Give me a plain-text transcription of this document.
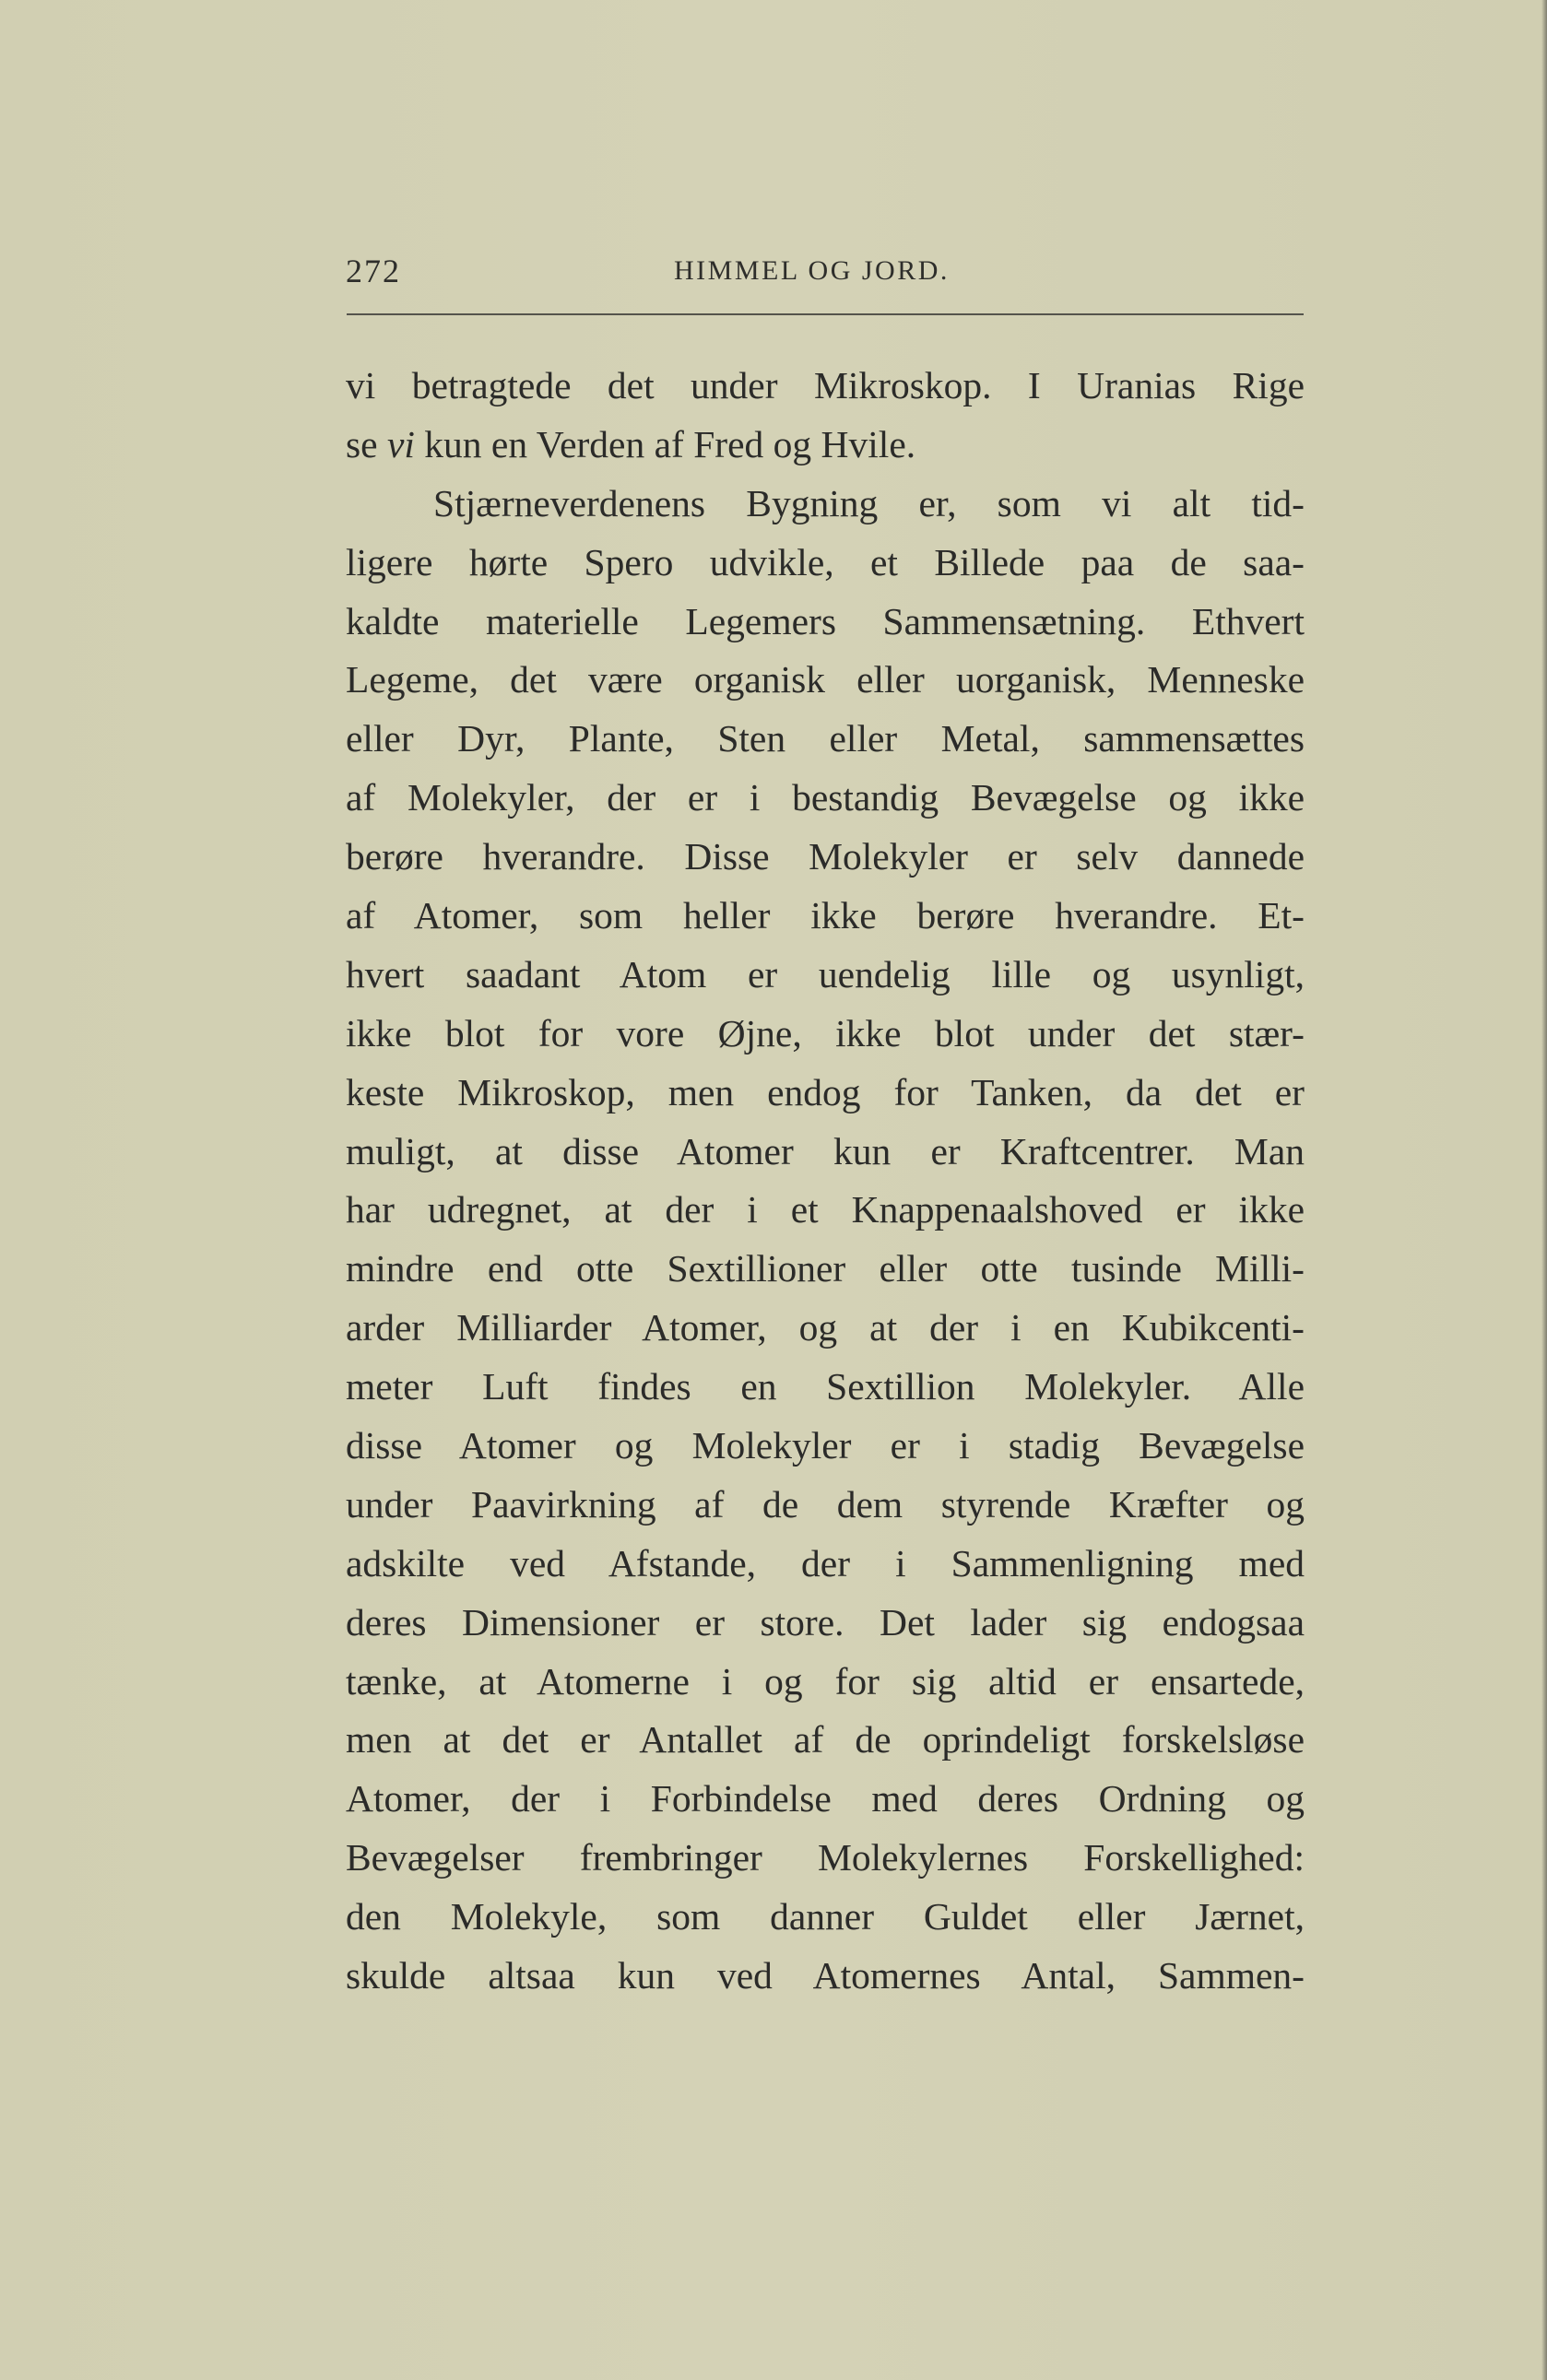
272	HIMMEL OG JORD.
vi betragtede det under Mikroskop. I Uranias Rige
se vi kun en Verden af Fred og Hvile.
Stjærneverdenens Bygning er, som vi alt tid-
ligere hørte Spero udvikle, et Billede paa de saa-
kaldte materielle Legemers Sammensætning. Ethvert
Legeme, det være organisk eller uorganisk, Menneske
eller Dyr, Plante, Sten eller Metal, sammensættes
af Molekyler, der er i bestandig Bevægelse og ikke
berøre hverandre. Disse Molekyler er selv dannede
af Atomer, som heller ikke berøre hverandre. Et-
hvert saadant Atom er uendelig lille og usynligt,
ikke blot for vore Øjne, ikke blot under det stær-
keste Mikroskop, men endog for Tanken, da det er
muligt, at disse Atomer kun er Kraftcentrer. Man
har udregnet, at der i et Knappenaalshoved er ikke
mindre end otte Sextillioner eller otte tusinde Milli-
arder Milliarder Atomer, og at der i en Kubikcenti-
meter Luft findes en Sextillion Molekyler. Alle
disse Atomer og Molekyler er i stadig Bevægelse
under Paavirkning af de dem styrende Kræfter og
adskilte ved Afstande, der i Sammenligning med
deres Dimensioner er store. Det lader sig endogsaa
tænke, at Atomerne i og for sig altid er ensartede,
men at det er Antallet af de oprindeligt forskelsløse
Atomer, der i Forbindelse med deres Ordning og
Bevægelser frembringer Molekylernes Forskellighed:
den Molekyle, som danner Guldet eller Jærnet,
skulde altsaa kun ved Atomernes Antal, Sammen-
